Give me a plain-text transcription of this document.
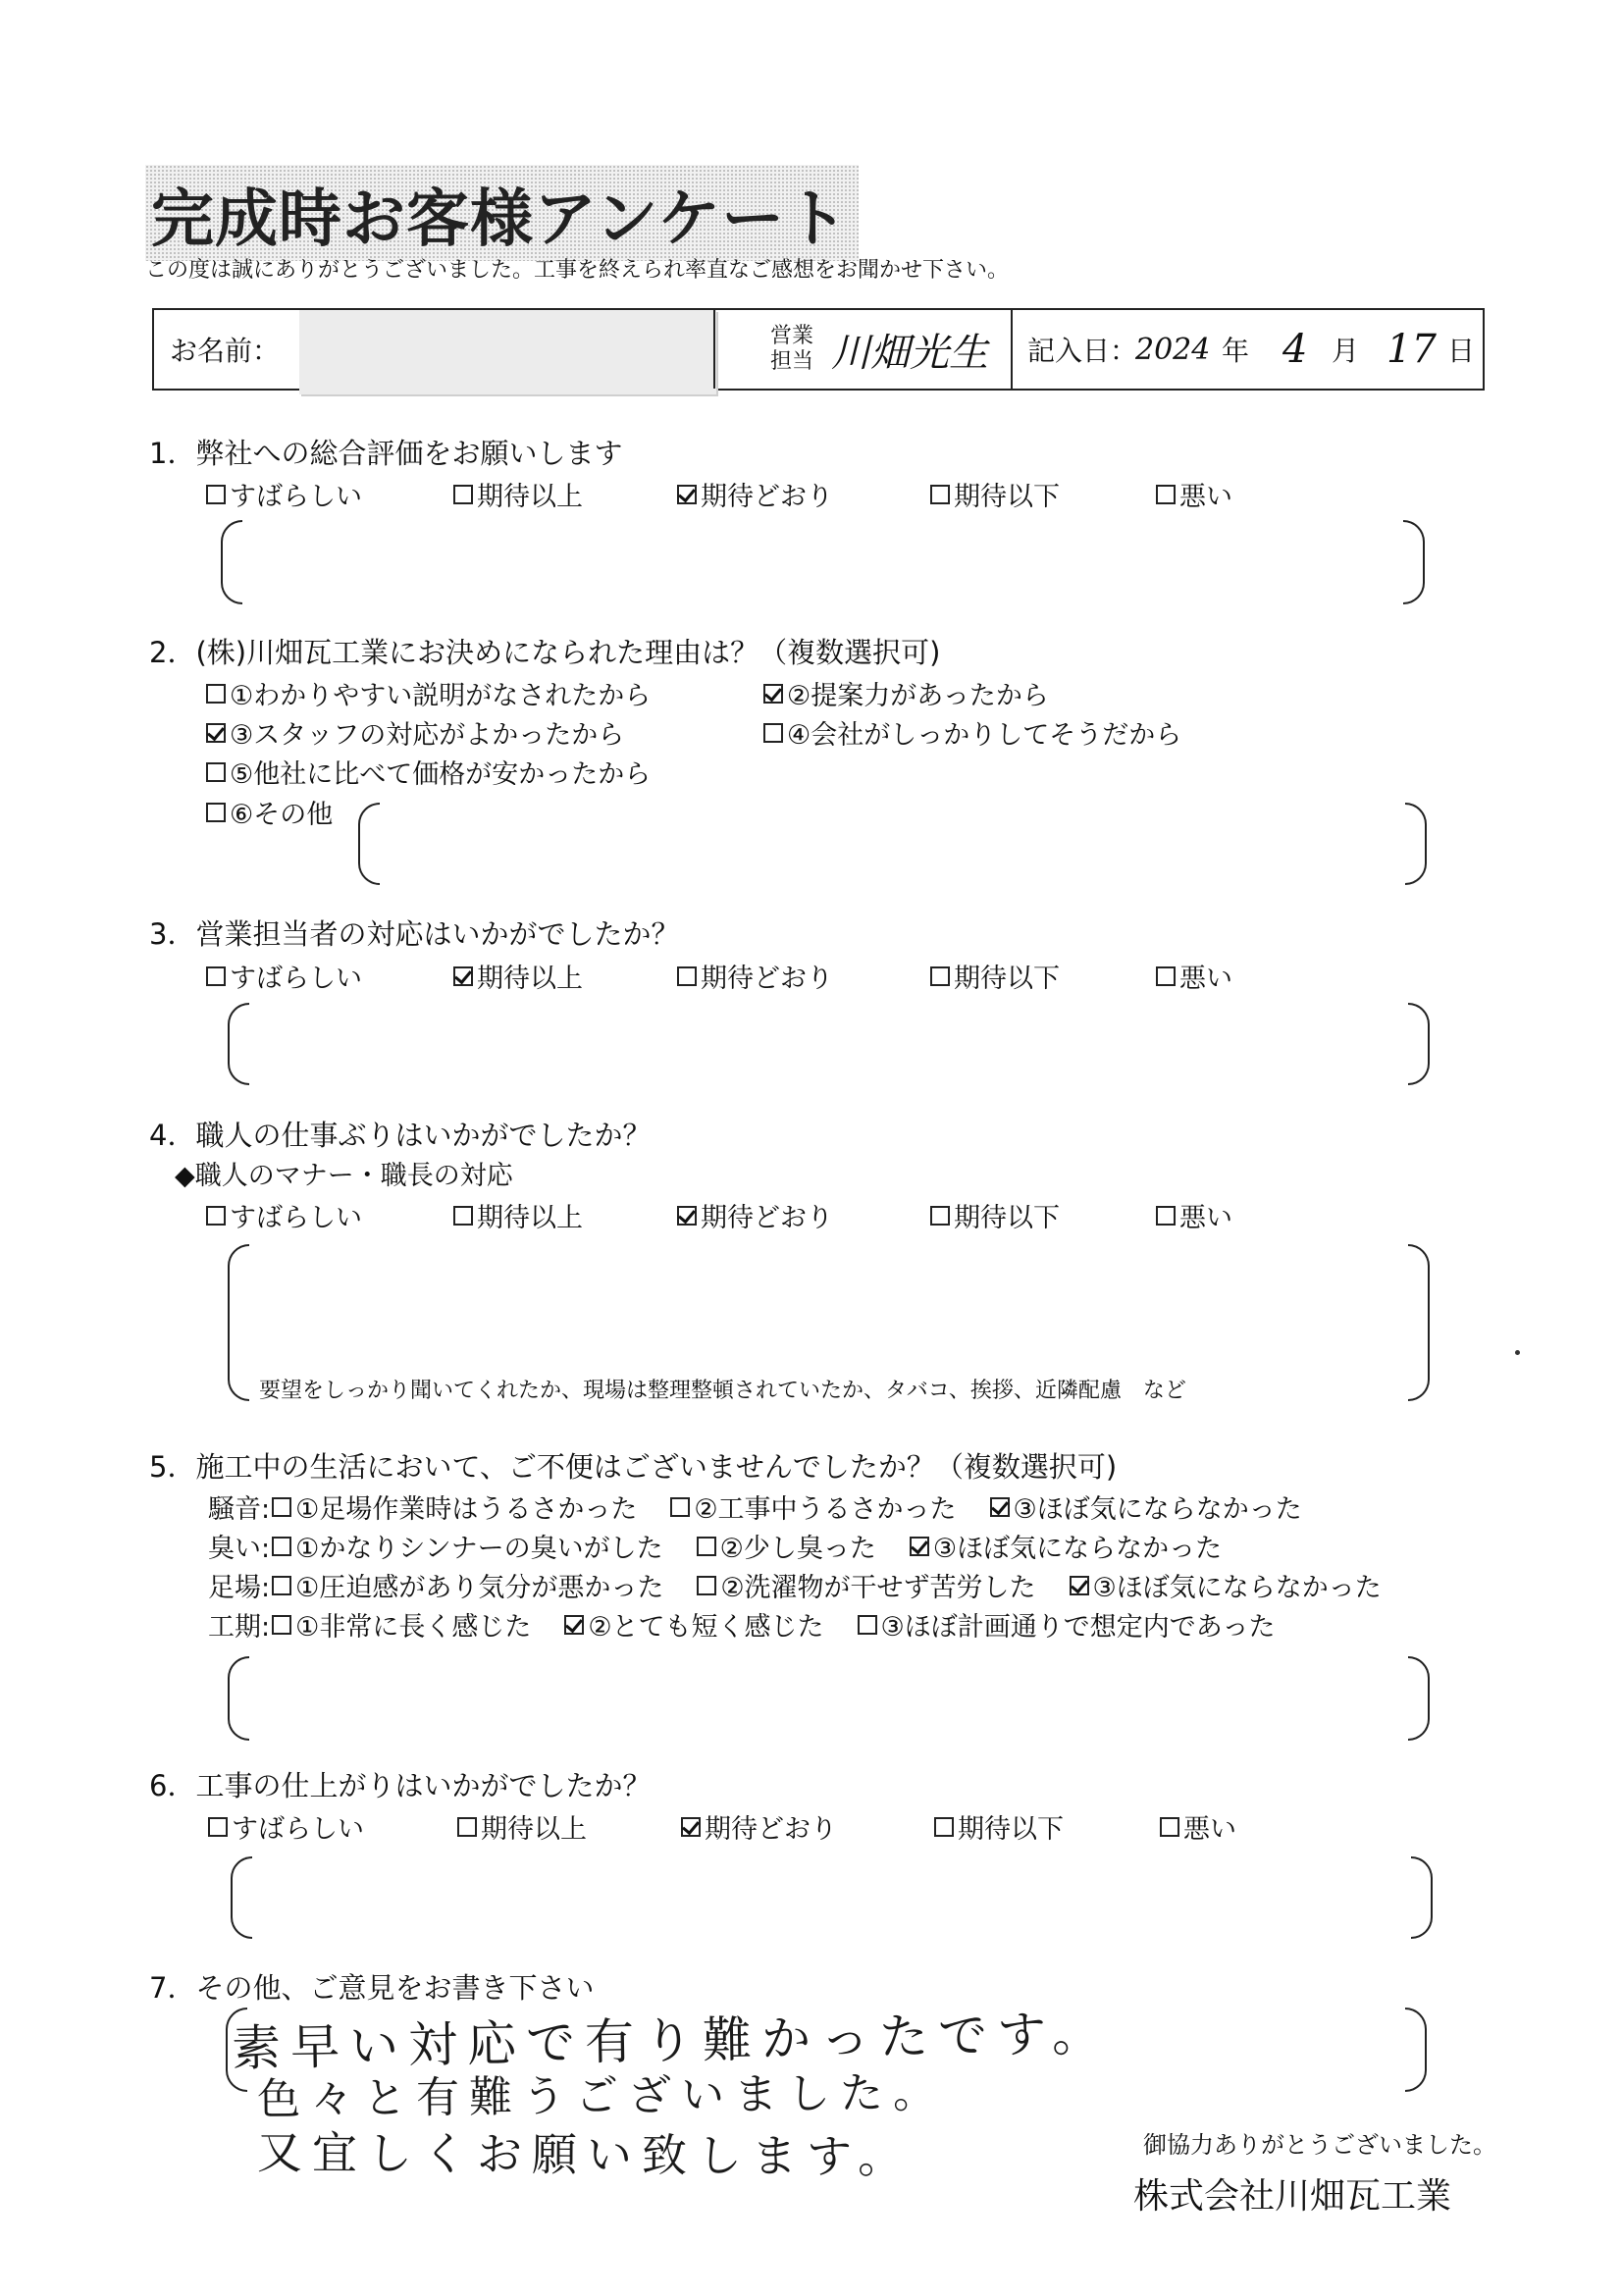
完成時お客様アンケート
この度は誠にありがとうございました。工事を終えられ率直なご感想をお聞かせ下さい。
お名前：	営業
担当 川畑光生 記入日：
2024 年 4 月 17 日
1．弊社への総合評価をお願いします
すばらしい	期待以上	期待どおり	期待以下	悪い
2．(株)川畑瓦工業にお決めになられた理由は？（複数選択可)
①わかりやすい説明がなされたから	②提案力があったから
③スタッフの対応がよかったから	④会社がしっかりしてそうだから
⑤他社に比べて価格が安かったから
⑥その他
3．営業担当者の対応はいかがでしたか？
すばらしい	期待以上	期待どおり	期待以下	悪い
4．職人の仕事ぶりはいかがでしたか？
◆職人のマナー・職長の対応
すばらしい	期待以上	期待どおり	期待以下	悪い
要望をしっかり聞いてくれたか、現場は整理整頓されていたか、タバコ、挨拶、近隣配慮　など
5．施工中の生活において、ご不便はございませんでしたか？（複数選択可)
騒音: ①足場作業時はうるさかった ②工事中うるさかった ③ほぼ気にならなかった
臭い: ①かなりシンナーの臭いがした ②少し臭った ③ほぼ気にならなかった
足場: ①圧迫感があり気分が悪かった ②洗濯物が干せず苦労した ③ほぼ気にならなかった
工期: ①非常に長く感じた ②とても短く感じた ③ほぼ計画通りで想定内であった
6．工事の仕上がりはいかがでしたか？
すばらしい	期待以上	期待どおり	期待以下	悪い
7．その他、ご意見をお書き下さい
素早い対応で有り難かったです。
色々と有難うございました。
又宜しくお願い致します。	御協力ありがとうございました。
株式会社川畑瓦工業
